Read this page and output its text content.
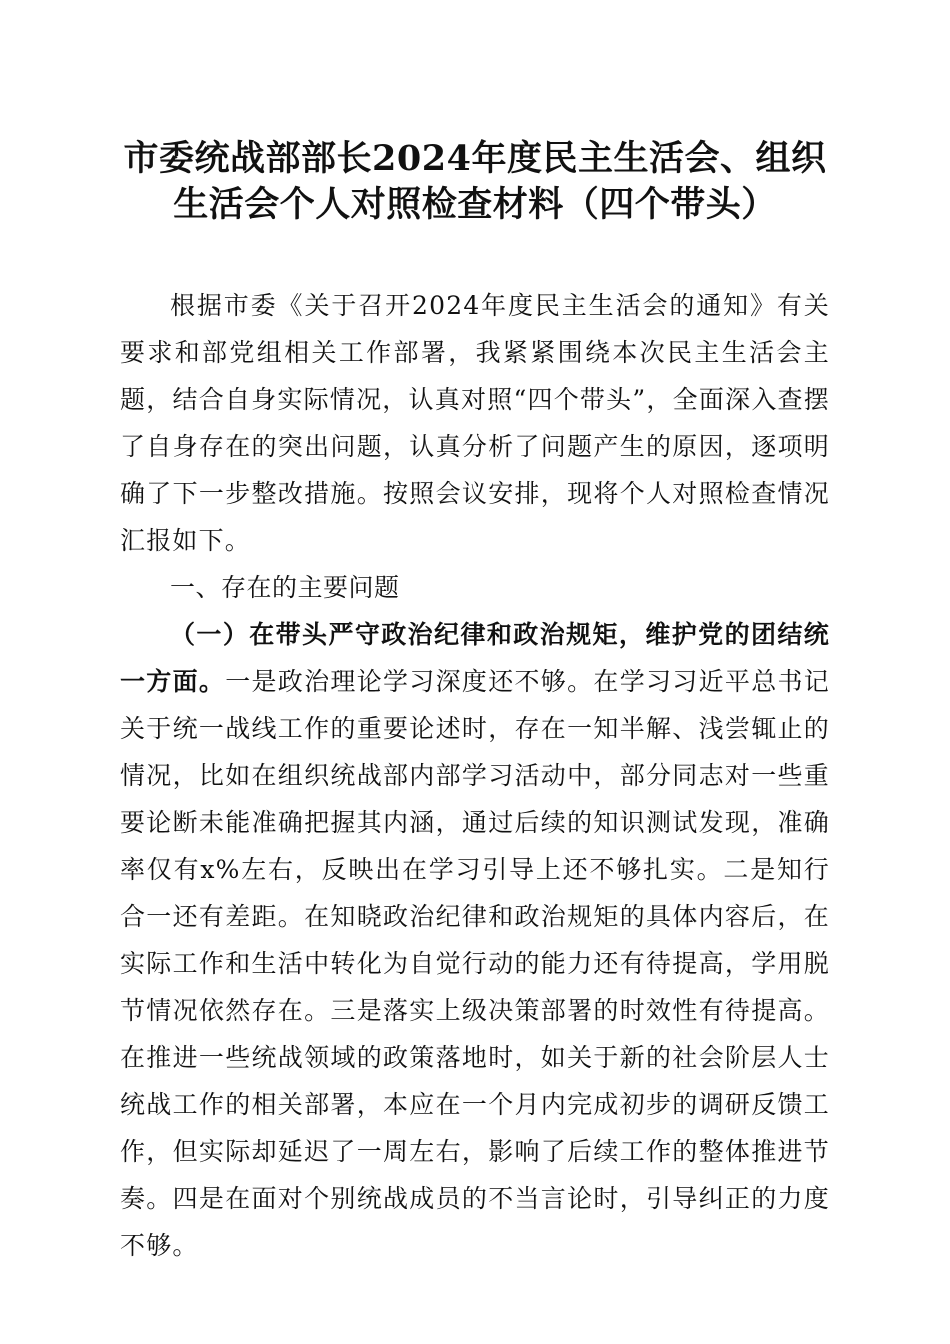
市委统战部部长2024年度民主生活会、组织
生活会个人对照检查材料（四个带头）

根据市委《关于召开2024年度民主生活会的通知》有关要求和部党组相关工作部署，我紧紧围绕本次民主生活会主题，结合自身实际情况，认真对照“四个带头”，全面深入查摆了自身存在的突出问题，认真分析了问题产生的原因，逐项明确了下一步整改措施。按照会议安排，现将个人对照检查情况汇报如下。

一、存在的主要问题

（一）在带头严守政治纪律和政治规矩，维护党的团结统一方面。一是政治理论学习深度还不够。在学习习近平总书记关于统一战线工作的重要论述时，存在一知半解、浅尝辄止的情况，比如在组织统战部内部学习活动中，部分同志对一些重要论断未能准确把握其内涵，通过后续的知识测试发现，准确率仅有x%左右，反映出在学习引导上还不够扎实。二是知行合一还有差距。在知晓政治纪律和政治规矩的具体内容后，在实际工作和生活中转化为自觉行动的能力还有待提高，学用脱节情况依然存在。三是落实上级决策部署的时效性有待提高。在推进一些统战领域的政策落地时，如关于新的社会阶层人士统战工作的相关部署，本应在一个月内完成初步的调研反馈工作，但实际却延迟了一周左右，影响了后续工作的整体推进节奏。四是在面对个别统战成员的不当言论时，引导纠正的力度不够。
